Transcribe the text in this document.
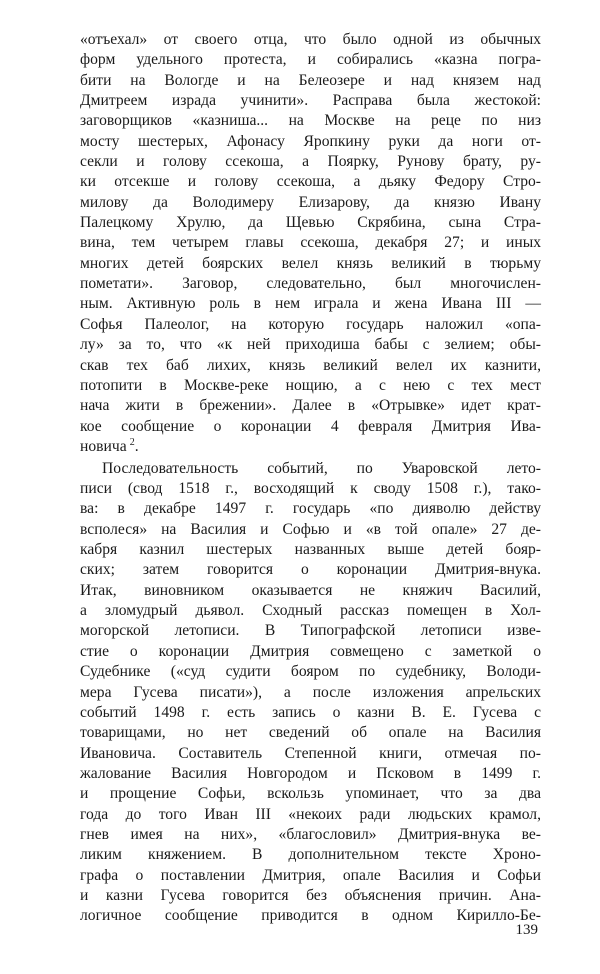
«отъехал» от своего отца, что было одной из обычных
форм удельного протеста, и собирались «казна погра-
бити на Вологде и на Белеозере и над князем над
Дмитреем израда учинити». Расправа была жестокой:
заговорщиков «казниша... на Москве на реце по низ
мосту шестерых, Афонасу Яропкину руки да ноги от-
секли и голову ссекоша, а Поярку, Рунову брату, ру-
ки отсекше и голову ссекоша, а дьяку Федору Стро-
милову да Володимеру Елизарову, да князю Ивану
Палецкому Хрулю, да Щевью Скрябина, сына Стра-
вина, тем четырем главы ссекоша, декабря 27; и иных
многих детей боярских велел князь великий в тюрьму
пометати». Заговор, следовательно, был многочислен-
ным. Активную роль в нем играла и жена Ивана III —
Софья Палеолог, на которую государь наложил «опа-
лу» за то, что «к ней приходиша бабы с зелием; обы-
скав тех баб лихих, князь великий велел их казнити,
потопити в Москве-реке нощию, а с нею с тех мест
нача жити в брежении». Далее в «Отрывке» идет крат-
кое сообщение о коронации 4 февраля Дмитрия Ива-
новича  $^2$.
Последовательность событий, по Уваровской лето-
писи (свод 1518 г., восходящий к своду 1508 г.), тако-
ва: в декабре 1497 г. государь «по дияволю действу
всполеся» на Василия и Софью и «в той опале» 27 де-
кабря казнил шестерых названных выше детей бояр-
ских; затем говорится о коронации Дмитрия-внука.
Итак, виновником оказывается не княжич Василий,
а зломудрый дьявол. Сходный рассказ помещен в Хол-
могорской летописи. В Типографской летописи изве-
стие о коронации Дмитрия совмещено с заметкой о
Судебнике («суд судити бояром по судебнику, Володи-
мера Гусева писати»), а после изложения апрельских
событий 1498 г. есть запись о казни В. Е. Гусева с
товарищами, но нет сведений об опале на Василия
Ивановича. Составитель Степенной книги, отмечая по-
жалование Василия Новгородом и Псковом в 1499 г.
и прощение Софьи, вскользь упоминает, что за два
года до того Иван III «некоих ради людьских крамол,
гнев имея на них», «благословил» Дмитрия-внука ве-
ликим княжением. В дополнительном тексте Хроно-
графа о поставлении Дмитрия, опале Василия и Софьи
и казни Гусева говорится без объяснения причин. Ана-
логичное сообщение приводится в одном Кирилло-Бе-
139
